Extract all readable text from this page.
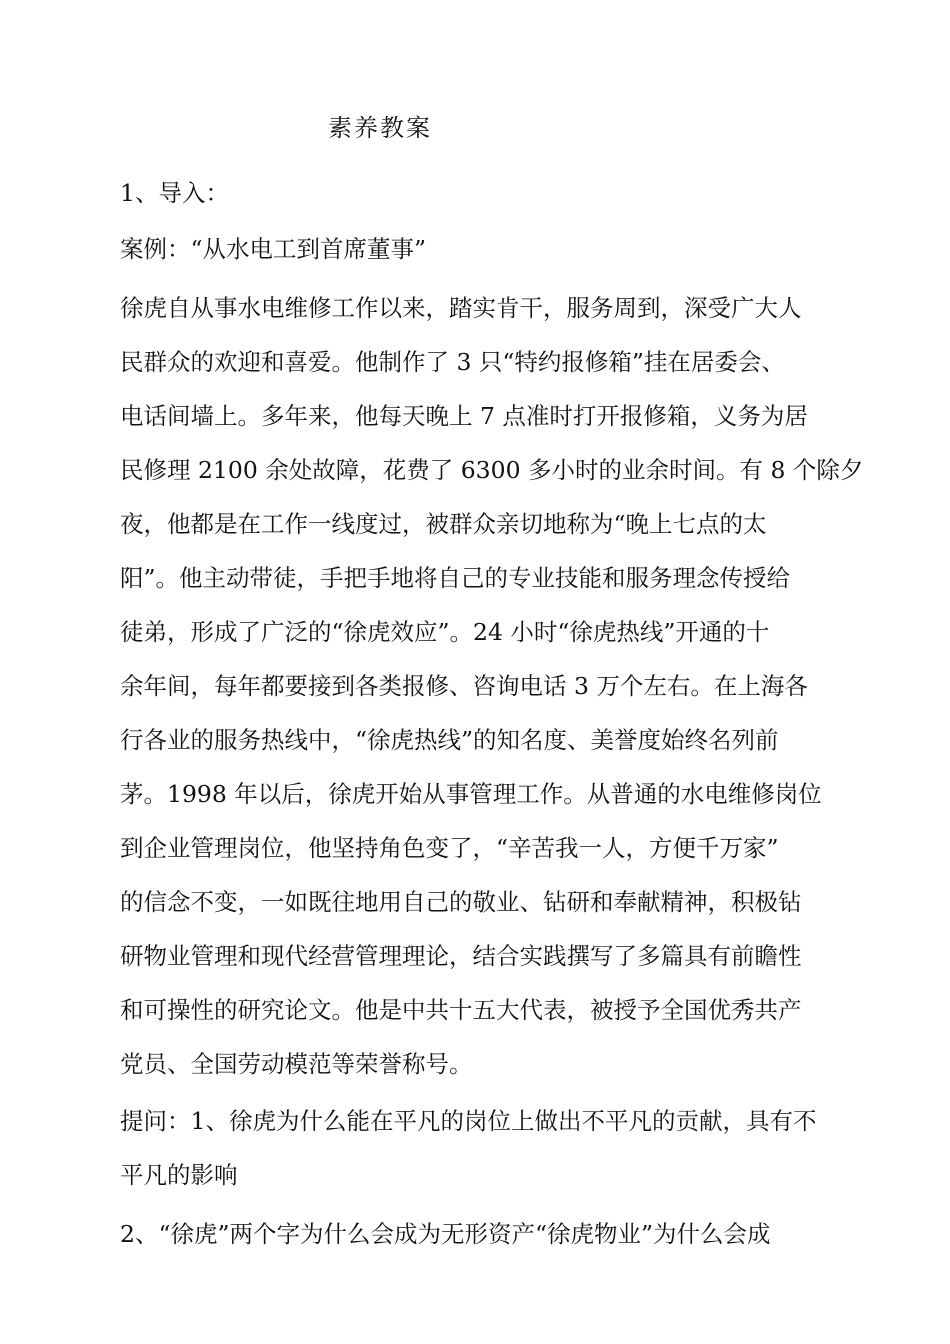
素养教案
1、导入：
案例：“从水电工到首席董事”
徐虎自从事水电维修工作以来，踏实肯干，服务周到，深受广大人
民群众的欢迎和喜爱。他制作了 3 只“特约报修箱”挂在居委会、
电话间墙上。多年来，他每天晚上 7 点准时打开报修箱，义务为居
民修理 2100 余处故障，花费了 6300 多小时的业余时间。有 8 个除夕
夜，他都是在工作一线度过，被群众亲切地称为“晚上七点的太
阳”。他主动带徒，手把手地将自己的专业技能和服务理念传授给
徒弟，形成了广泛的“徐虎效应”。24 小时“徐虎热线”开通的十
余年间，每年都要接到各类报修、咨询电话 3 万个左右。在上海各
行各业的服务热线中，“徐虎热线”的知名度、美誉度始终名列前
茅。1998 年以后，徐虎开始从事管理工作。从普通的水电维修岗位
到企业管理岗位，他坚持角色变了，“辛苦我一人，方便千万家”
的信念不变，一如既往地用自己的敬业、钻研和奉献精神，积极钻
研物业管理和现代经营管理理论，结合实践撰写了多篇具有前瞻性
和可操性的研究论文。他是中共十五大代表，被授予全国优秀共产
党员、全国劳动模范等荣誉称号。
提问：1、徐虎为什么能在平凡的岗位上做出不平凡的贡献，具有不
平凡的影响
2、“徐虎”两个字为什么会成为无形资产“徐虎物业”为什么会成
